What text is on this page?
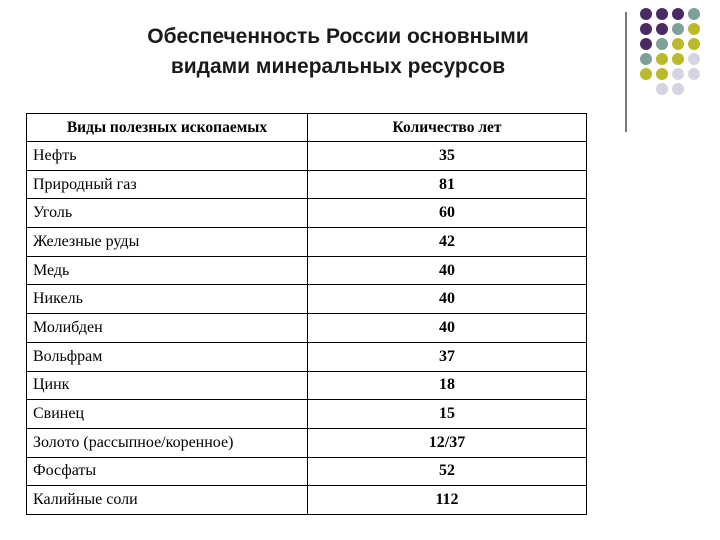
Обеспеченность России основными
видами минеральных ресурсов
Виды полезных ископаемых	Количество лет
Нефть	35
Природный газ	81
Уголь	60
Железные руды	42
Медь	40
Никель	40
Молибден	40
Вольфрам	37
Цинк	18
Свинец	15
Золото (рассыпное/коренное)	12/37
Фосфаты	52
Калийные соли	112
